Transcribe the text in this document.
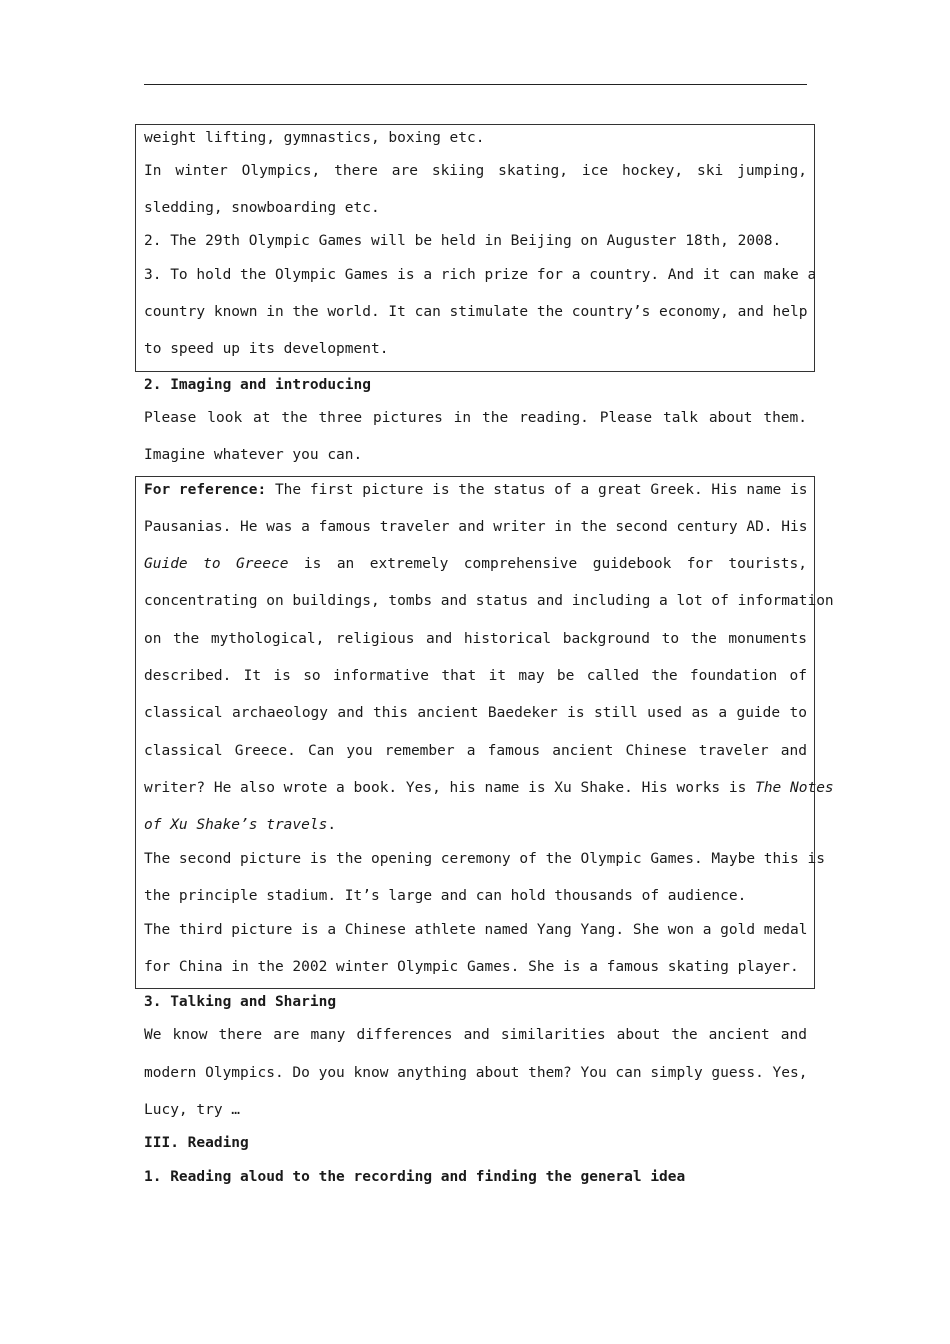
weight lifting, gymnastics, boxing etc.
In winter Olympics, there are skiing skating, ice hockey, ski jumping,
sledding, snowboarding etc.
2. The 29th Olympic Games will be held in Beijing on Auguster 18th, 2008.
3. To hold the Olympic Games is a rich prize for a country. And it can make a
country known in the world. It can stimulate the country’s economy, and help
to speed up its development.
2. Imaging and introducing
Please look at the three pictures in the reading. Please talk about them.
Imagine whatever you can.
For reference: The first picture is the status of a great Greek. His name is
Pausanias. He was a famous traveler and writer in the second century AD. His
Guide to Greece is an extremely comprehensive guidebook for tourists,
concentrating on buildings, tombs and status and including a lot of information
on the mythological, religious and historical background to the monuments
described. It is so informative that it may be called the foundation of
classical archaeology and this ancient Baedeker is still used as a guide to
classical Greece. Can you remember a famous ancient Chinese traveler and
writer? He also wrote a book. Yes, his name is Xu Shake. His works is The Notes
of Xu Shake’s travels.
The second picture is the opening ceremony of the Olympic Games. Maybe this is
the principle stadium. It’s large and can hold thousands of audience.
The third picture is a Chinese athlete named Yang Yang. She won a gold medal
for China in the 2002 winter Olympic Games. She is a famous skating player.
3. Talking and Sharing
We know there are many differences and similarities about the ancient and
modern Olympics. Do you know anything about them? You can simply guess. Yes,
Lucy, try …
III. Reading
1. Reading aloud to the recording and finding the general idea
